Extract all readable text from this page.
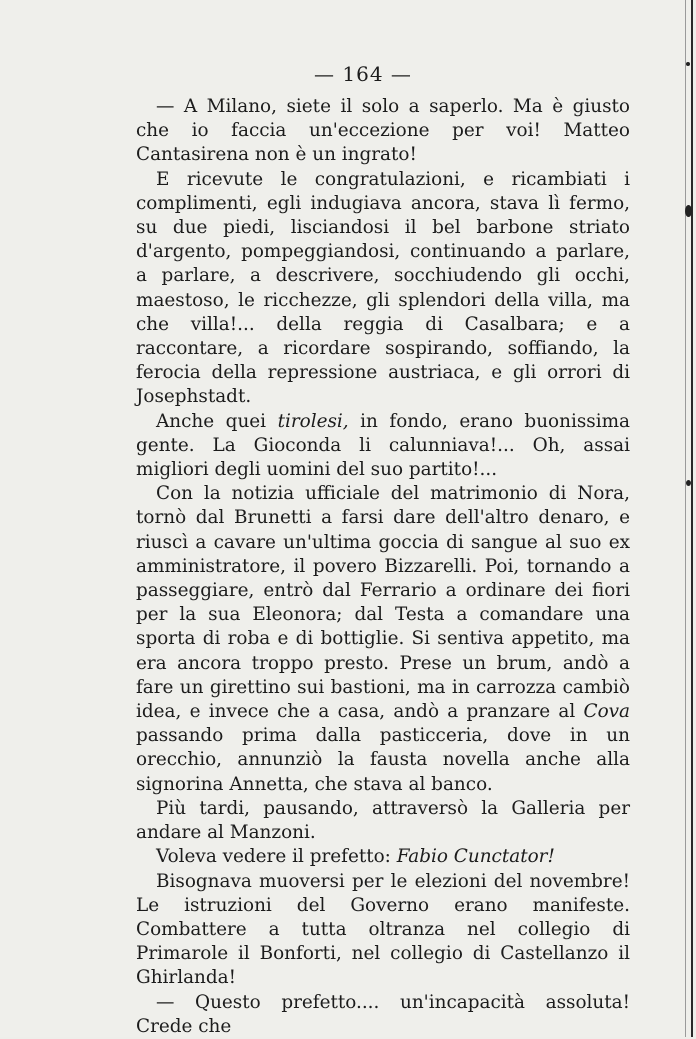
— 164 —

— A Milano, siete il solo a saperlo. Ma è giusto che io faccia un'eccezione per voi! Matteo Cantasirena non è un ingrato!

E ricevute le congratulazioni, e ricambiati i complimenti, egli indugiava ancora, stava lì fermo, su due piedi, lisciandosi il bel barbone striato d'argento, pompeggiandosi, continuando a parlare, a parlare, a descrivere, socchiudendo gli occhi, maestoso, le ricchezze, gli splendori della villa, ma che villa!... della reggia di Casalbara; e a raccontare, a ricordare sospirando, soffiando, la ferocia della repressione austriaca, e gli orrori di Josephstadt.

Anche quei tirolesi, in fondo, erano buonissima gente. La Gioconda li calunniava!... Oh, assai migliori degli uomini del suo partito!...

Con la notizia ufficiale del matrimonio di Nora, tornò dal Brunetti a farsi dare dell'altro denaro, e riuscì a cavare un'ultima goccia di sangue al suo ex amministratore, il povero Bizzarelli. Poi, tornando a passeggiare, entrò dal Ferrario a ordinare dei fiori per la sua Eleonora; dal Testa a comandare una sporta di roba e di bottiglie. Si sentiva appetito, ma era ancora troppo presto. Prese un brum, andò a fare un girettino sui bastioni, ma in carrozza cambiò idea, e invece che a casa, andò a pranzare al Cova passando prima dalla pasticceria, dove in un orecchio, annunziò la fausta novella anche alla signorina Annetta, che stava al banco.

Più tardi, pausando, attraversò la Galleria per andare al Manzoni.

Voleva vedere il prefetto: Fabio Cunctator!

Bisognava muoversi per le elezioni del novembre! Le istruzioni del Governo erano manifeste. Combattere a tutta oltranza nel collegio di Primarole il Bonforti, nel collegio di Castellanzo il Ghirlanda!

— Questo prefetto.... un'incapacità assoluta! Crede che
